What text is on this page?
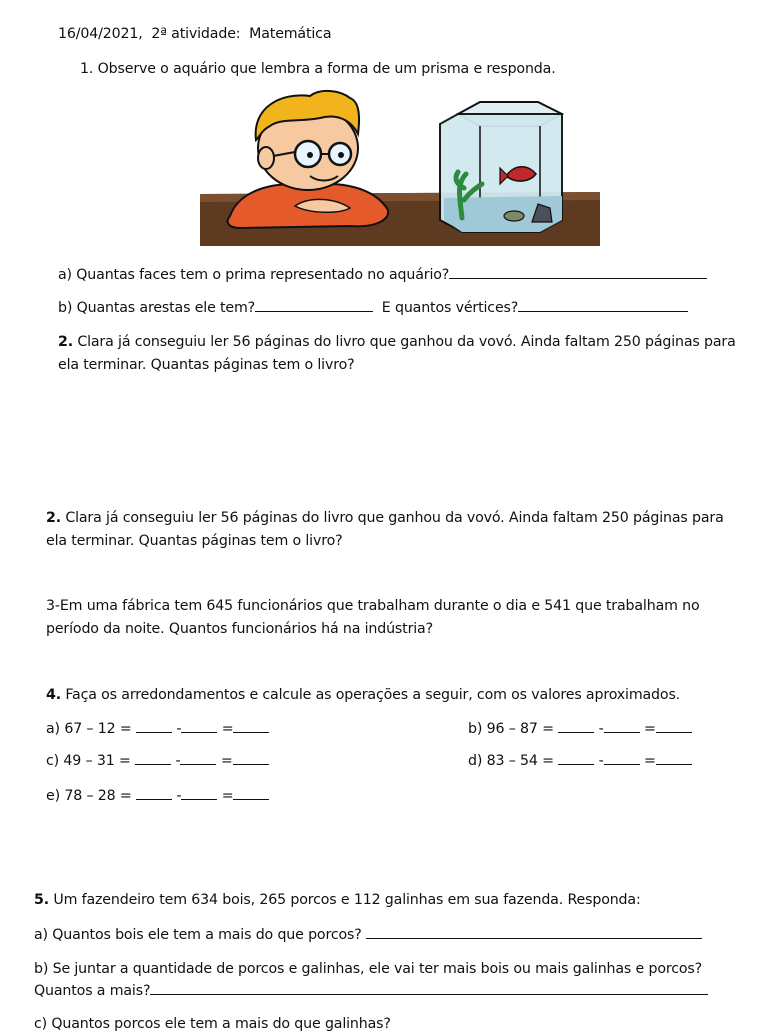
16/04/2021, 2ª atividade: Matemática
1. Observe o aquário que lembra a forma de um prisma e responda.
a) Quantas faces tem o prima representado no aquário?
b) Quantas arestas ele tem?	E quantos vértices?
2. Clara já conseguiu ler 56 páginas do livro que ganhou da vovó. Ainda faltam 250 páginas para
ela terminar. Quantas páginas tem o livro?
2. Clara já conseguiu ler 56 páginas do livro que ganhou da vovó. Ainda faltam 250 páginas para
ela terminar. Quantas páginas tem o livro?
3-Em uma fábrica tem 645 funcionários que trabalham durante o dia e 541 que trabalham no
período da noite. Quantos funcionários há na indústria?
4. Faça os arredondamentos e calcule as operações a seguir, com os valores aproximados.
a) 67 – 12 =	-	=	b) 96 – 87 =	-	=
c) 49 – 31 =	-	=	d) 83 – 54 =	-	=
e) 78 – 28 =	-	=
5. Um fazendeiro tem 634 bois, 265 porcos e 112 galinhas em sua fazenda. Responda:
a) Quantos bois ele tem a mais do que porcos?
b) Se juntar a quantidade de porcos e galinhas, ele vai ter mais bois ou mais galinhas e porcos?
Quantos a mais?
c) Quantos porcos ele tem a mais do que galinhas?
